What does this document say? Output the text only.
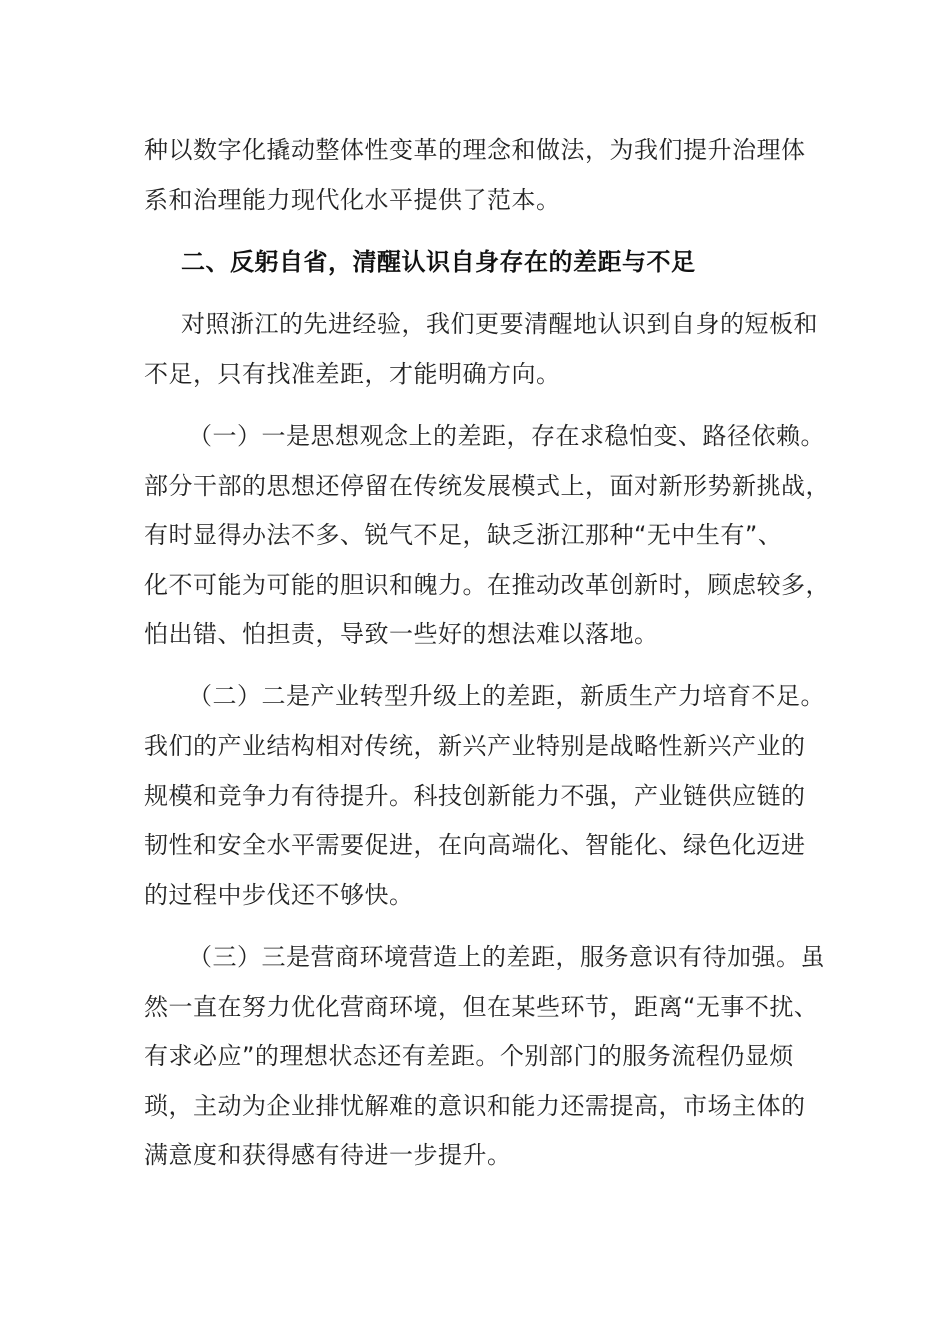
种以数字化撬动整体性变革的理念和做法，为我们提升治理体
系和治理能力现代化水平提供了范本。
二、反躬自省，清醒认识自身存在的差距与不足
对照浙江的先进经验，我们更要清醒地认识到自身的短板和
不足，只有找准差距，才能明确方向。
（一）一是思想观念上的差距，存在求稳怕变、路径依赖。
部分干部的思想还停留在传统发展模式上，面对新形势新挑战，
有时显得办法不多、锐气不足，缺乏浙江那种“无中生有”、
化不可能为可能的胆识和魄力。在推动改革创新时，顾虑较多，
怕出错、怕担责，导致一些好的想法难以落地。
（二）二是产业转型升级上的差距，新质生产力培育不足。
我们的产业结构相对传统，新兴产业特别是战略性新兴产业的
规模和竞争力有待提升。科技创新能力不强，产业链供应链的
韧性和安全水平需要促进，在向高端化、智能化、绿色化迈进
的过程中步伐还不够快。
（三）三是营商环境营造上的差距，服务意识有待加强。虽
然一直在努力优化营商环境，但在某些环节，距离“无事不扰、
有求必应”的理想状态还有差距。个别部门的服务流程仍显烦
琐，主动为企业排忧解难的意识和能力还需提高，市场主体的
满意度和获得感有待进一步提升。
